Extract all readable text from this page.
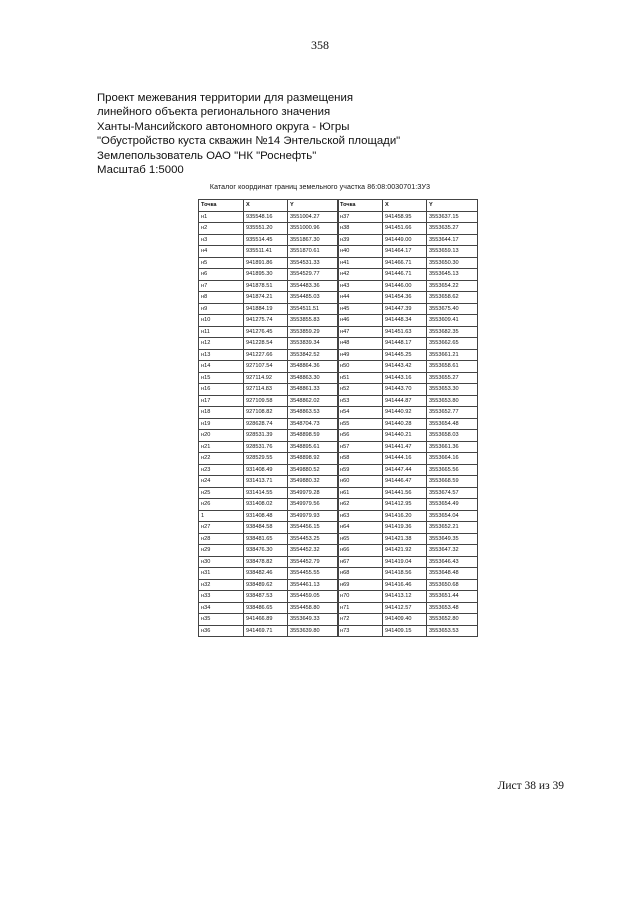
358
Проект межевания территории для размещения
линейного объекта регионального значения
Ханты-Мансийского автономного округа - Югры
"Обустройство куста скважин №14 Энтельской площади"
Землепользователь ОАО "НК "Роснефть"
Масштаб 1:5000
Каталог координат границ земельного участка 86:08:0030701:ЗУ3
Точка	X	Y
н1	935548.16	3551004.27
н2	935551.20	3551000.96
н3	935514.45	3551867.30
н4	935511.41	3551870.61
н5	941891.86	3554531.33
н6	941895.30	3554529.77
н7	941878.51	3554483.36
н8	941874.21	3554485.03
н9	941884.19	3554511.51
н10	941275.74	3553855.83
н11	941276.45	3553859.29
н12	941228.54	3553839.34
н13	941227.66	3553842.52
н14	927107.54	3548864.36
н15	927114.92	3548863.30
н16	927114.83	3548861.33
н17	927109.58	3548862.02
н18	927108.82	3548863.53
н19	928628.74	3548704.73
н20	928531.39	3548898.59
н21	928531.76	3548895.61
н22	928529.55	3548898.92
н23	931408.49	3549880.52
н24	931413.71	3549880.32
н25	931414.55	3549979.28
н26	931408.02	3549979.56
1	931408.48	3549979.93
н27	938484.58	3554456.15
н28	938481.65	3554453.25
н29	938476.30	3554452.32
н30	938478.82	3554452.79
н31	938482.46	3554455.55
н32	938489.62	3554461.13
н33	938487.53	3554459.05
н34	938486.65	3554458.80
н35	941466.89	3553649.33
н36	941469.71	3553639.80
Точка	X	Y
н37	941458.95	3553637.15
н38	941451.66	3553635.27
н39	941449.00	3553644.17
н40	941464.17	3553659.13
н41	941466.71	3553650.30
н42	941446.71	3553645.13
н43	941446.00	3553654.22
н44	941454.36	3553658.62
н45	941447.39	3553675.40
н46	941448.34	3553609.41
н47	941451.63	3553682.35
н48	941448.17	3553662.65
н49	941445.25	3553661.21
н50	941443.42	3553658.61
н51	941443.16	3553655.27
н52	941443.70	3553653.30
н53	941444.87	3553653.80
н54	941440.92	3553652.77
н55	941440.28	3553654.48
н56	941440.21	3553658.03
н57	941441.47	3553661.36
н58	941444.16	3553664.16
н59	941447.44	3553665.56
н60	941446.47	3553668.59
н61	941441.56	3553674.57
н62	941412.95	3553654.49
н63	941416.20	3553654.04
н64	941419.36	3553652.21
н65	941421.38	3553649.35
н66	941421.92	3553647.32
н67	941419.04	3553646.43
н68	941418.56	3553648.48
н69	941416.46	3553650.68
н70	941413.12	3553651.44
н71	941412.57	3553653.48
н72	941409.40	3553652.80
н73	941409.15	3553653.53
Лист 38 из 39
